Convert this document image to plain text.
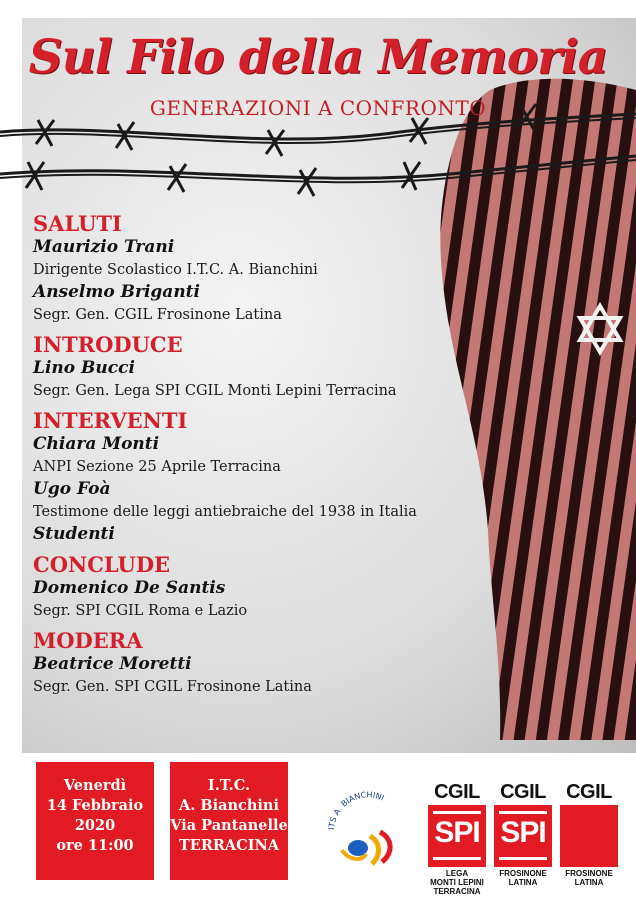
Sul Filo della Memoria
GENERAZIONI A CONFRONTO
SALUTI
Maurizio Trani
Dirigente Scolastico I.T.C. A. Bianchini
Anselmo Briganti
Segr. Gen. CGIL Frosinone Latina
INTRODUCE
Lino Bucci
Segr. Gen. Lega SPI CGIL Monti Lepini Terracina
INTERVENTI
Chiara Monti
ANPI Sezione 25 Aprile Terracina
Ugo Foà
Testimone delle leggi antiebraiche del 1938 in Italia
Studenti
CONCLUDE
Domenico De Santis
Segr. SPI CGIL Roma e Lazio
MODERA
Beatrice Moretti
Segr. Gen. SPI CGIL Frosinone Latina
Venerdì
14 Febbraio
2020
ore 11:00
I.T.C.
A. Bianchini
Via Pantanelle
TERRACINA
ITS A. BIANCHINI	CGIL
SPI
LEGA
MONTI LEPINI
TERRACINA
CGIL
SPI
FROSINONE
LATINA
CGIL
FROSINONE
LATINA
